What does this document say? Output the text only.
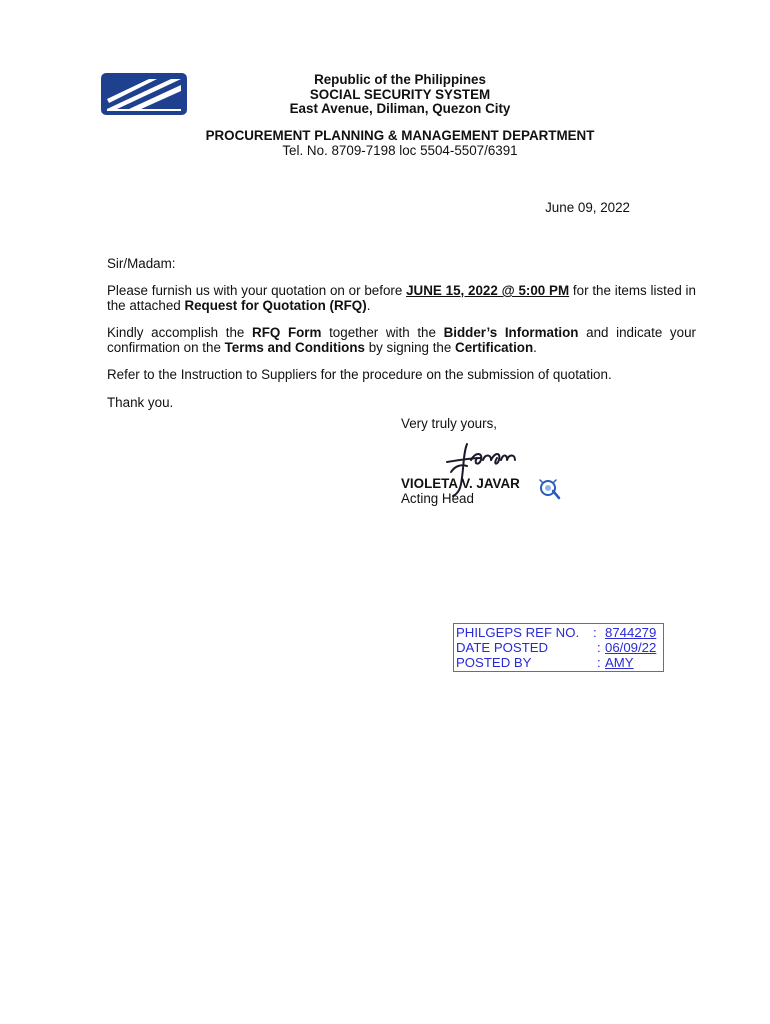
Republic of the Philippines
SOCIAL SECURITY SYSTEM
East Avenue, Diliman, Quezon City
PROCUREMENT PLANNING & MANAGEMENT DEPARTMENT
Tel. No. 8709-7198 loc 5504-5507/6391
June 09, 2022
Sir/Madam:
Please furnish us with your quotation on or before JUNE 15, 2022 @ 5:00 PM for the items listed in the attached Request for Quotation (RFQ).
Kindly accomplish the RFQ Form together with the Bidder’s Information and indicate your confirmation on the Terms and Conditions by signing the Certification.
Refer to the Instruction to Suppliers for the procedure on the submission of quotation.
Thank you.
Very truly yours,
VIOLETA V. JAVAR
Acting Head
PHILGEPS REF NO. : 8744279
DATE POSTED	: 06/09/22
POSTED BY	: AMY
